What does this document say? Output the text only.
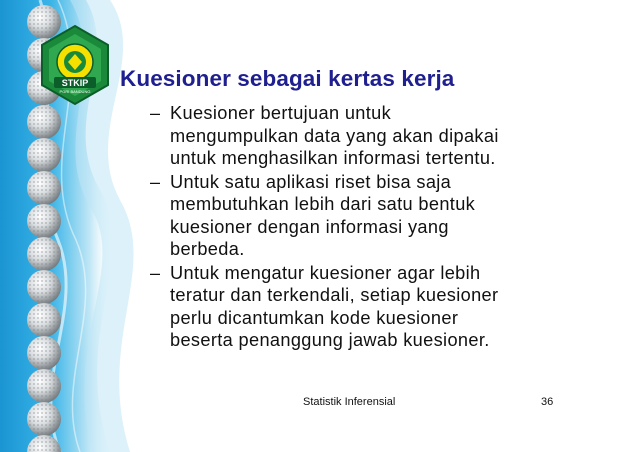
STKIP
PGRI BANDUNG
Kuesioner sebagai kertas kerja
– Kuesioner bertujuan untuk
mengumpulkan data yang akan dipakai
untuk menghasilkan informasi tertentu.
– Untuk satu aplikasi riset bisa saja
membutuhkan lebih dari satu bentuk
kuesioner dengan informasi yang
berbeda.
– Untuk mengatur kuesioner agar lebih
teratur dan terkendali, setiap kuesioner
perlu dicantumkan kode kuesioner
beserta penanggung jawab kuesioner.
Statistik Inferensial	36
